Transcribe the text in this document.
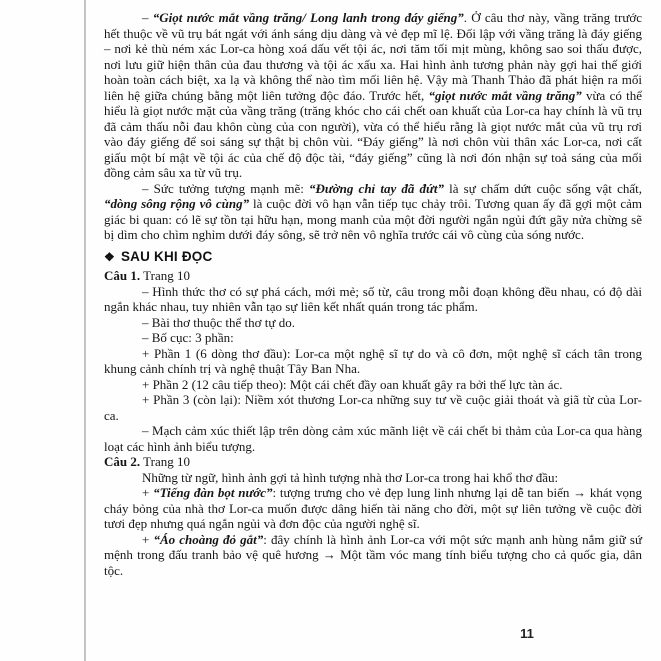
– “Giọt nước mắt vầng trăng/ Long lanh trong đáy giếng”. Ở câu thơ này, vầng trăng trước hết thuộc về vũ trụ bát ngát với ánh sáng dịu dàng và vẻ đẹp mĩ lệ. Đối lập với vầng trăng là đáy giếng – nơi kẻ thù ném xác Lor-ca hòng xoá dấu vết tội ác, nơi tăm tối mịt mùng, không sao soi thấu được, nơi lưu giữ hiện thân của đau thương và tội ác xấu xa. Hai hình ảnh tương phản này gợi hai thế giới hoàn toàn cách biệt, xa lạ và không thể nào tìm mối liên hệ. Vậy mà Thanh Thảo đã phát hiện ra mối liên hệ giữa chúng bằng một liên tưởng độc đáo. Trước hết, “giọt nước mắt vầng trăng” vừa có thể hiểu là giọt nước mặt của vầng trăng (trăng khóc cho cái chết oan khuất của Lor-ca hay chính là vũ trụ đã cảm thấu nỗi đau khôn cùng của con người), vừa có thể hiểu rằng là giọt nước mắt của vũ trụ rơi vào đáy giếng để soi sáng sự thật bị chôn vùi. “Đáy giếng” là nơi chôn vùi thân xác Lor-ca, nơi cất giấu một bí mật về tội ác của chế độ độc tài, “đáy giếng” cũng là nơi đón nhận sự toả sáng của mối đồng cảm sâu xa từ vũ trụ.

– Sức tưởng tượng mạnh mẽ: “Đường chỉ tay đã đứt” là sự chấm dứt cuộc sống vật chất, “dòng sông rộng vô cùng” là cuộc đời vô hạn vẫn tiếp tục chảy trôi. Tương quan ấy đã gợi một cảm giác bi quan: có lẽ sự tồn tại hữu hạn, mong manh của một đời người ngắn ngủi đứt gãy nửa chừng sẽ bị dìm cho chìm nghỉm dưới đáy sông, sẽ trở nên vô nghĩa trước cái vô cùng của sóng nước.

❖ SAU KHI ĐỌC

Câu 1. Trang 10

– Hình thức thơ có sự phá cách, mới mẻ; số từ, câu trong mỗi đoạn không đều nhau, có độ dài ngắn khác nhau, tuy nhiên vẫn tạo sự liên kết nhất quán trong tác phẩm.

– Bài thơ thuộc thể thơ tự do.

– Bố cục: 3 phần:

+ Phần 1 (6 dòng thơ đầu): Lor-ca một nghệ sĩ tự do và cô đơn, một nghệ sĩ cách tân trong khung cảnh chính trị và nghệ thuật Tây Ban Nha.

+ Phần 2 (12 câu tiếp theo): Một cái chết đầy oan khuất gây ra bởi thế lực tàn ác.

+ Phần 3 (còn lại): Niềm xót thương Lor-ca những suy tư về cuộc giải thoát và giã từ của Lor-ca.

– Mạch cảm xúc thiết lập trên dòng cảm xúc mãnh liệt về cái chết bi thảm của Lor-ca qua hàng loạt các hình ảnh biểu tượng.

Câu 2. Trang 10

Những từ ngữ, hình ảnh gợi tả hình tượng nhà thơ Lor-ca trong hai khổ thơ đầu:

+ “Tiếng đàn bọt nước”: tượng trưng cho vẻ đẹp lung linh nhưng lại dễ tan biến → khát vọng cháy bỏng của nhà thơ Lor-ca muốn được dâng hiến tài năng cho đời, một sự liên tưởng về cuộc đời tươi đẹp nhưng quá ngắn ngủi và đơn độc của người nghệ sĩ.

+ “Áo choàng đỏ gắt”: đây chính là hình ảnh Lor-ca với một sức mạnh anh hùng nắm giữ sứ mệnh trong đấu tranh bảo vệ quê hương → Một tầm vóc mang tính biểu tượng cho cả quốc gia, dân tộc.

11
